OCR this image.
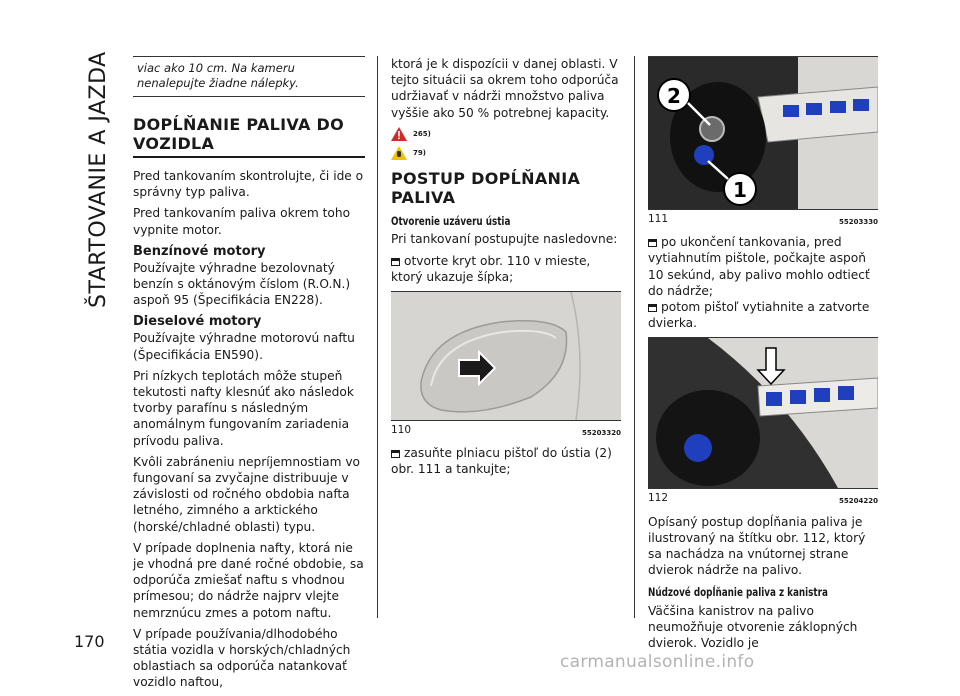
ŠTARTOVANIE A JAZDA
170
viac ako 10 cm. Na kameru nenalepujte žiadne nálepky.
DOPĹŇANIE PALIVA DO VOZIDLA

Pred tankovaním skontrolujte, či ide o správny typ paliva.

Pred tankovaním paliva okrem toho vypnite motor.

Benzínové motory

Používajte výhradne bezolovnatý benzín s oktánovým číslom (R.O.N.) aspoň 95 (Špecifikácia EN228).

Dieselové motory

Používajte výhradne motorovú naftu (Špecifikácia EN590).

Pri nízkych teplotách môže stupeň tekutosti nafty klesnúť ako následok tvorby parafínu s následným anomálnym fungovaním zariadenia prívodu paliva.

Kvôli zabráneniu nepríjemnostiam vo fungovaní sa zvyčajne distribuuje v závislosti od ročného obdobia nafta letného, zimného a arktického (horské/chladné oblasti) typu.

V prípade doplnenia nafty, ktorá nie je vhodná pre dané ročné obdobie, sa odporúča zmiešať naftu s vhodnou prímesou; do nádrže najprv vlejte nemrznúcu zmes a potom naftu.

V prípade používania/dlhodobého státia vozidla v horských/chladných oblastiach sa odporúča natankovať vozidlo naftou,

ktorá je k dispozícii v danej oblasti. V tejto situácii sa okrem toho odporúča udržiavať v nádrži množstvo paliva vyššie ako 50 % potrebnej kapacity.

265)
79)
POSTUP DOPĹŇANIA PALIVA
Otvorenie uzáveru ústia

Pri tankovaní postupujte nasledovne:

otvorte kryt obr. 110 v mieste, ktorý ukazuje šípka;

110	55203320

zasuňte plniacu pištoľ do ústia (2) obr. 111 a tankujte;

2
1
111	55203330

po ukončení tankovania, pred vytiahnutím pištole, počkajte aspoň 10 sekúnd, aby palivo mohlo odtiecť do nádrže;

potom pištoľ vytiahnite a zatvorte dvierka.

112	55204220

Opísaný postup dopĺňania paliva je ilustrovaný na štítku obr. 112, ktorý sa nachádza na vnútornej strane dvierok nádrže na palivo.

Núdzové dopĺňanie paliva z kanistra

Väčšina kanistrov na palivo neumožňuje otvorenie záklopných dvierok. Vozidlo je

carmanualsonline.info
